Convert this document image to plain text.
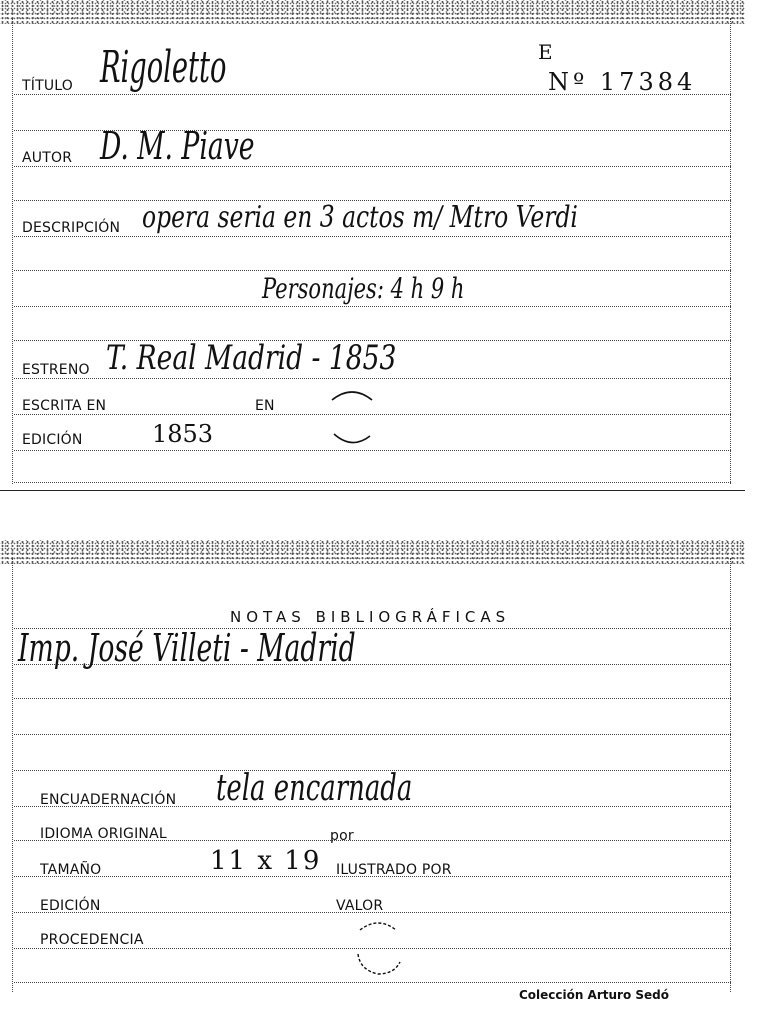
TÍTULO Rigoletto	E
Nº 17384
AUTOR D. M. Piave
DESCRIPCIÓN opera seria en 3 actos m/ Mtro Verdi
Personajes: 4 h 9 h
ESTRENO T. Real Madrid - 1853
ESCRITA EN	EN
EDICIÓN	1853
NOTAS BIBLIOGRÁFICAS
Imp. José Villeti - Madrid
ENCUADERNACIÓN tela encarnada
IDIOMA ORIGINAL	por
TAMAÑO	11 x 19 ILUSTRADO POR
EDICIÓN	VALOR
PROCEDENCIA
Colección Arturo Sedó
